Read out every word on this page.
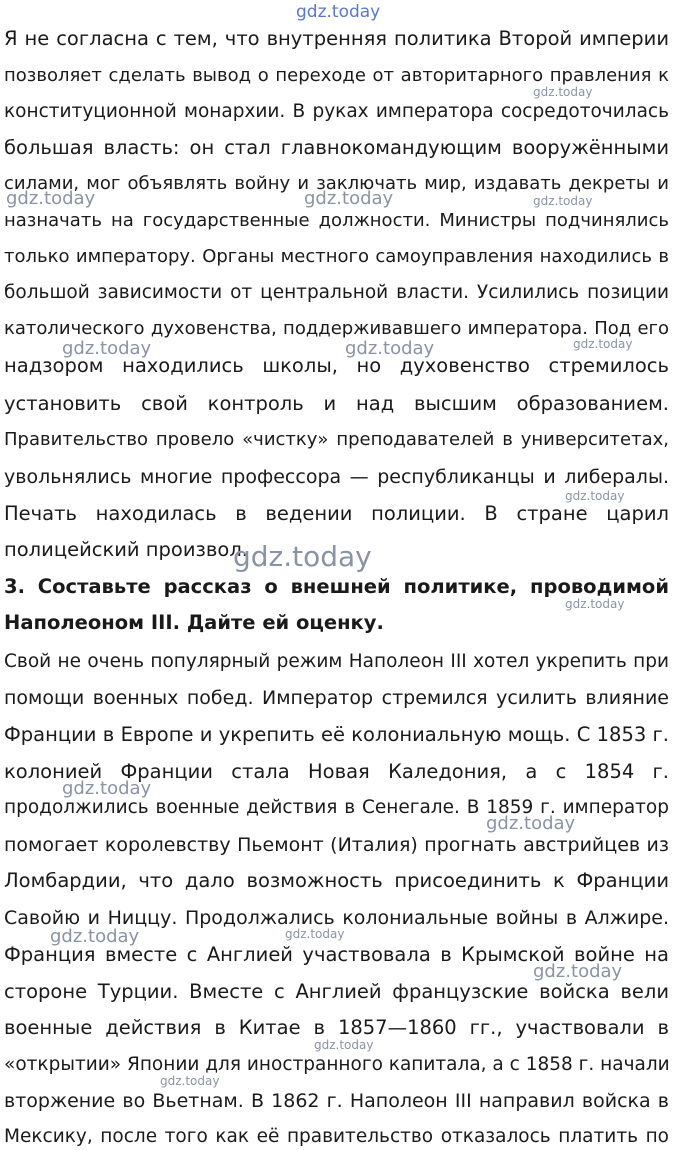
Я не согласна с тем, что внутренняя политика Второй империи
позволяет сделать вывод о переходе от авторитарного правления к
конституционной монархии. В руках императора сосредоточилась
большая власть: он стал главнокомандующим вооружёнными
силами, мог объявлять войну и заключать мир, издавать декреты и
назначать на государственные должности. Министры подчинялись
только императору. Органы местного самоуправления находились в
большой зависимости от центральной власти. Усилились позиции
католического духовенства, поддерживавшего императора. Под его
надзором находились школы, но духовенство стремилось
установить свой контроль и над высшим образованием.
Правительство провело «чистку» преподавателей в университетах,
увольнялись многие профессора — республиканцы и либералы.
Печать находилась в ведении полиции. В стране царил
полицейский произвол.
3. Составьте рассказ о внешней политике, проводимой
Наполеоном III. Дайте ей оценку.
Свой не очень популярный режим Наполеон III хотел укрепить при
помощи военных побед. Император стремился усилить влияние
Франции в Европе и укрепить её колониальную мощь. С 1853 г.
колонией Франции стала Новая Каледония, а с 1854 г.
продолжились военные действия в Сенегале. В 1859 г. император
помогает королевству Пьемонт (Италия) прогнать австрийцев из
Ломбардии, что дало возможность присоединить к Франции
Савойю и Ниццу. Продолжались колониальные войны в Алжире.
Франция вместе с Англией участвовала в Крымской войне на
стороне Турции. Вместе с Англией французские войска вели
военные действия в Китае в 1857—1860 гг., участвовали в
«открытии» Японии для иностранного капитала, а с 1858 г. начали
вторжение во Вьетнам. В 1862 г. Наполеон III направил войска в
Мексику, после того как её правительство отказалось платить по
gdz.today
gdz.today
gdz.today	gdz.today	gdz.today
gdz.today	gdz.today	gdz.today
gdz.today
gdz.today
gdz.today
gdz.today
gdz.today
gdz.today	gdz.today
gdz.today
gdz.today
gdz.today
